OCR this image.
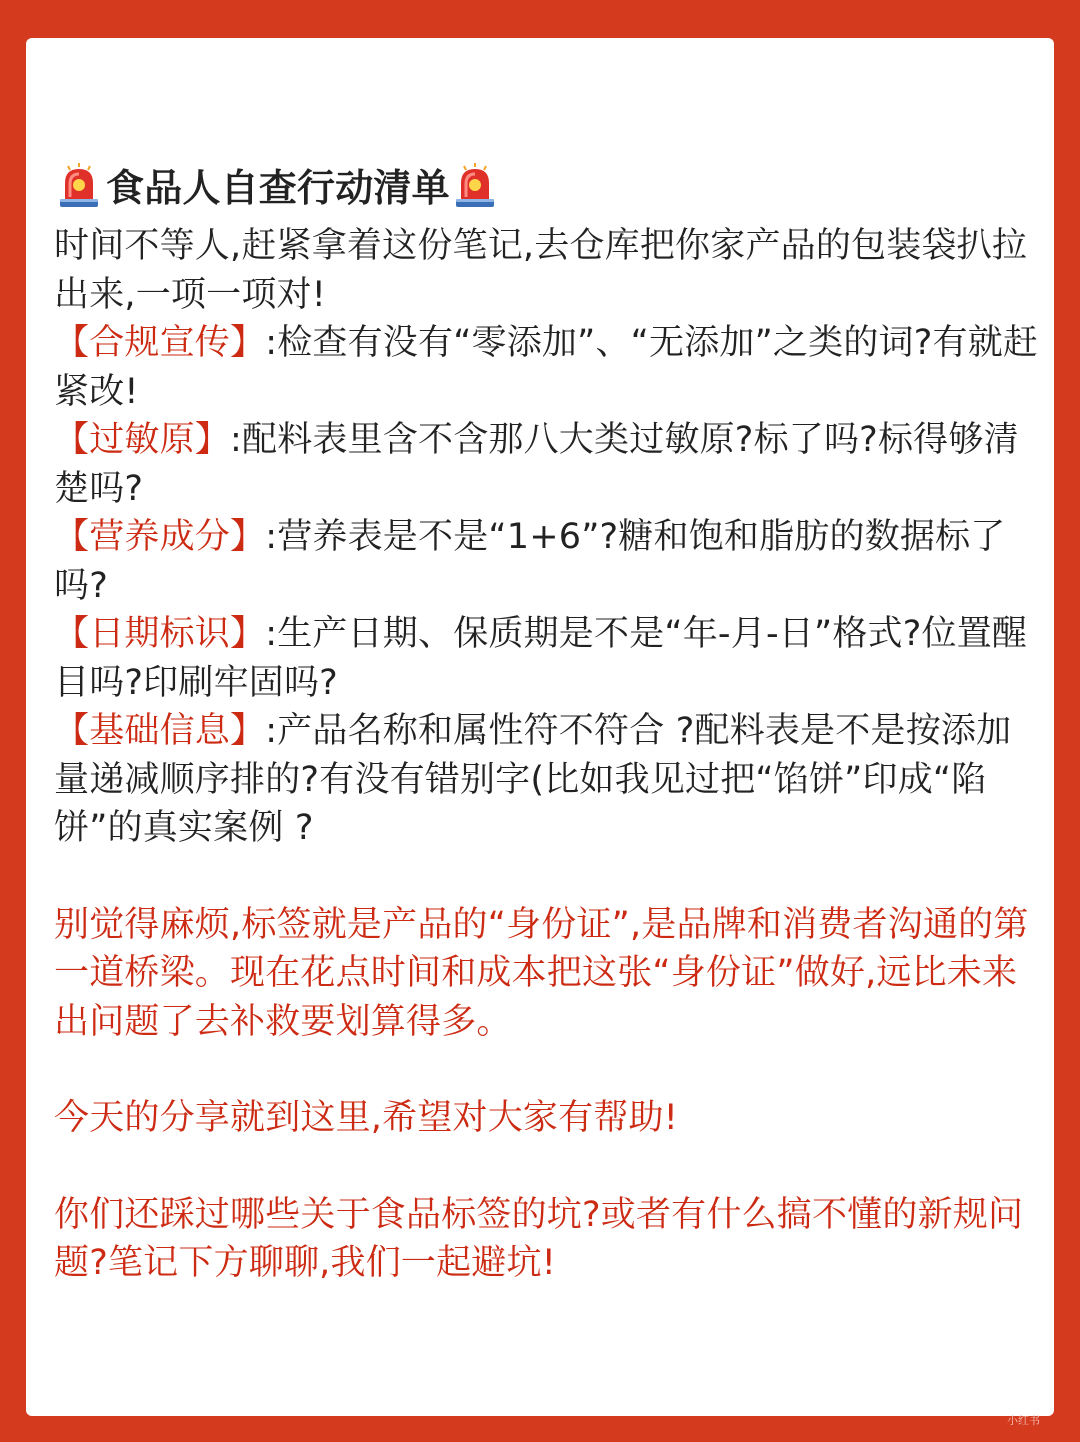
食品人自查行动清单

时间不等人,赶紧拿着这份笔记,去仓库把你家产品的包装袋扒拉出来,一项一项对!

【合规宣传】:检查有没有“零添加”、“无添加”之类的词?有就赶紧改!

【过敏原】:配料表里含不含那八大类过敏原?标了吗?标得够清楚吗?

【营养成分】:营养表是不是“1+6”?糖和饱和脂肪的数据标了吗?

【日期标识】:生产日期、保质期是不是“年-月-日”格式?位置醒目吗?印刷牢固吗?

【基础信息】:产品名称和属性符不符合 ?配料表是不是按添加量递减顺序排的?有没有错别字(比如我见过把“馅饼”印成“陷饼”的真实案例 ?

别觉得麻烦,标签就是产品的“身份证”,是品牌和消费者沟通的第一道桥梁。现在花点时间和成本把这张“身份证”做好,远比未来出问题了去补救要划算得多。

今天的分享就到这里,希望对大家有帮助!

你们还踩过哪些关于食品标签的坑?或者有什么搞不懂的新规问题?笔记下方聊聊,我们一起避坑!

小红书
